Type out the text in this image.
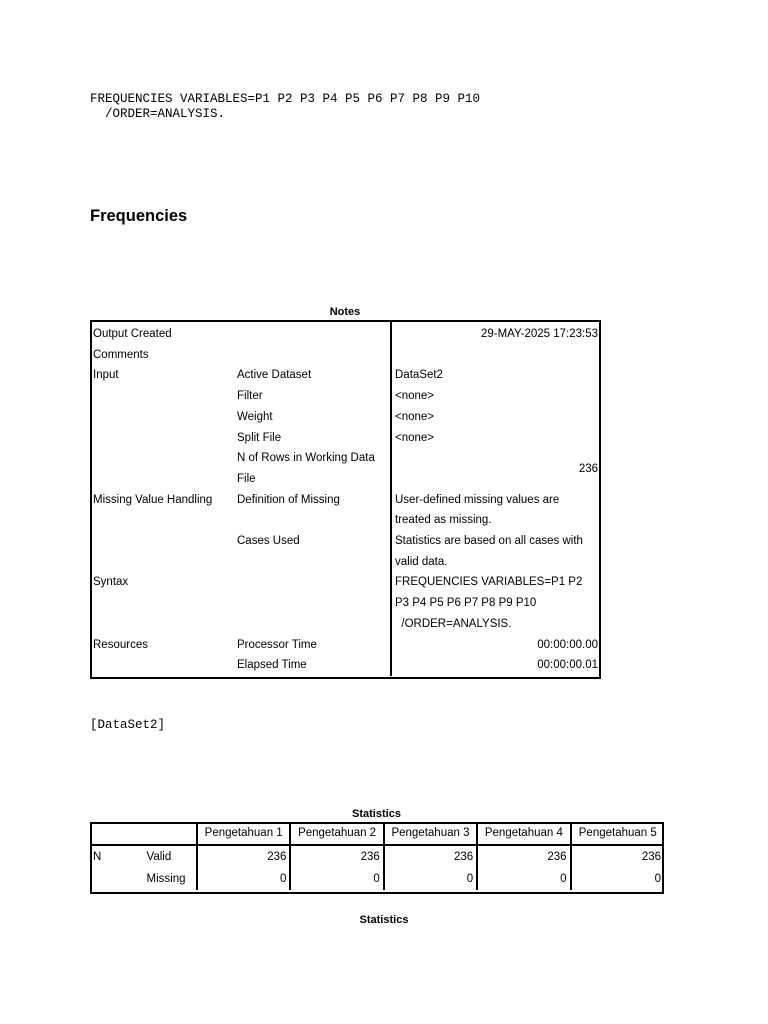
FREQUENCIES VARIABLES=P1 P2 P3 P4 P5 P6 P7 P8 P9 P10
/ORDER=ANALYSIS.
Frequencies
Notes
Output Created		29-MAY-2025 17:23:53
Comments		
Input	Active Dataset	DataSet2
	Filter	<none>
	Weight	<none>
	Split File	<none>
	N of Rows in Working Data File	236
Missing Value Handling	Definition of Missing	User-defined missing values are treated as missing.
	Cases Used	Statistics are based on all cases with valid data.
Syntax		FREQUENCIES VARIABLES=P1 P2 P3 P4 P5 P6 P7 P8 P9 P10
/ORDER=ANALYSIS.
Resources	Processor Time	00:00:00.00
	Elapsed Time	00:00:00.01
[DataSet2]
Statistics
		Pengetahuan 1	Pengetahuan 2	Pengetahuan 3	Pengetahuan 4	Pengetahuan 5
N	Valid	236	236	236	236	236
	Missing	0	0	0	0	0
Statistics
